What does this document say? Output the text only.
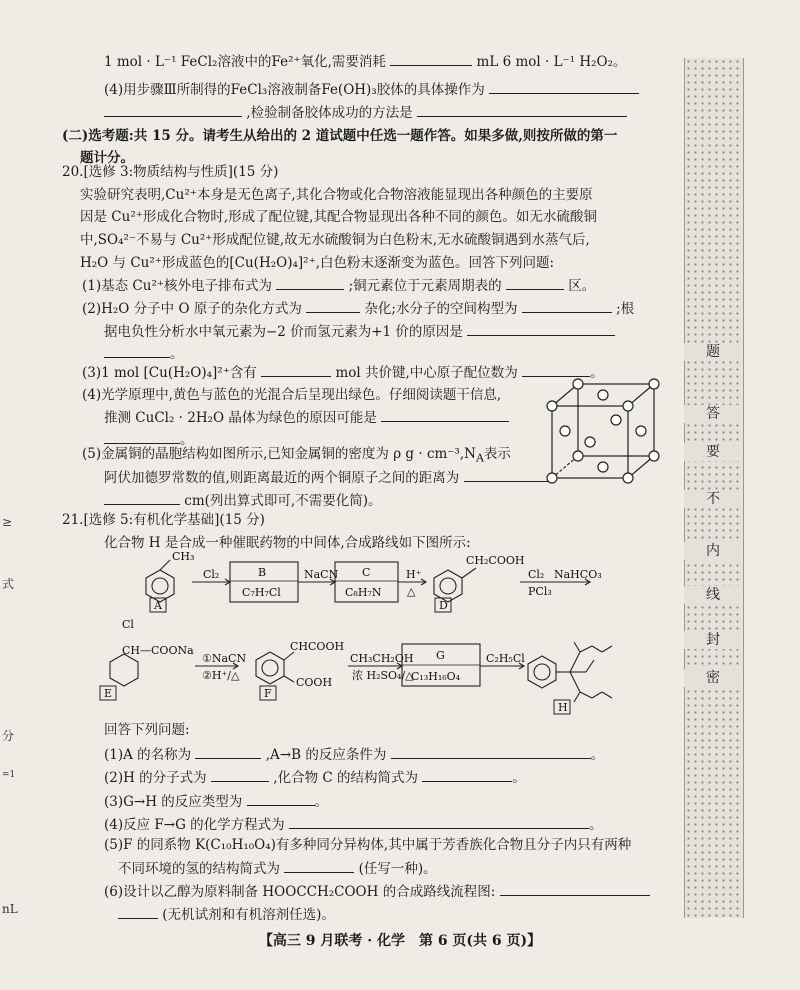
1 mol · L⁻¹ FeCl₂溶液中的Fe²⁺氧化,需要消耗	mL 6 mol · L⁻¹ H₂O₂。
(4)用步骤Ⅲ所制得的FeCl₃溶液制备Fe(OH)₃胶体的具体操作为
,检验制备胶体成功的方法是
(二)选考题:共 15 分。请考生从给出的 2 道试题中任选一题作答。如果多做,则按所做的第一
题计分。
20.[选修 3:物质结构与性质](15 分)
实验研究表明,Cu²⁺本身是无色离子,其化合物或化合物溶液能显现出各种颜色的主要原
因是 Cu²⁺形成化合物时,形成了配位键,其配合物显现出各种不同的颜色。如无水硫酸铜
中,SO₄²⁻不易与 Cu²⁺形成配位键,故无水硫酸铜为白色粉末,无水硫酸铜遇到水蒸气后,
H₂O 与 Cu²⁺形成蓝色的[Cu(H₂O)₄]²⁺,白色粉末逐渐变为蓝色。回答下列问题:
(1)基态 Cu²⁺核外电子排布式为	;铜元素位于元素周期表的	区。
(2)H₂O 分子中 O 原子的杂化方式为	杂化;水分子的空间构型为	;根
据电负性分析水中氧元素为−2 价而氢元素为+1 价的原因是
。
(3)1 mol [Cu(H₂O)₄]²⁺含有	mol 共价键,中心原子配位数为	。
(4)光学原理中,黄色与蓝色的光混合后呈现出绿色。仔细阅读题干信息,
推测 CuCl₂ · 2H₂O 晶体为绿色的原因可能是
。
(5)金属铜的晶胞结构如图所示,已知金属铜的密度为 ρ $g \cdot cm^{-3},N_A$表示
阿伏加德罗常数的值,则距离最近的两个铜原子之间的距离为
cm(列出算式即可,不需要化简)。
21.[选修 5:有机化学基础](15 分)
化合物 H 是合成一种催眠药物的中间体,合成路线如下图所示:
CH₃
A
Cl₂	B
C₇H₇Cl
NaCN C
C₈H₇N
H⁺
△
CH₂COOH
D
Cl₂
PCl₃
NaHCO₃
Cl
CH—COONa
E
①NaCN
②H⁺/△
CHCOOH
COOH
F
CH₃CH₂OH
浓 H₂SO₄/△
G
C₁₃H₁₆O₄
C₂H₅Cl
H
回答下列问题:
(1)A 的名称为	,A→B 的反应条件为	。
(2)H 的分子式为	,化合物 C 的结构简式为	。
(3)G→H 的反应类型为	。
(4)反应 F→G 的化学方程式为	。
(5)F 的同系物 K(C₁₀H₁₀O₄)有多种同分异构体,其中属于芳香族化合物且分子内只有两种
不同环境的氢的结构简式为	(任写一种)。
(6)设计以乙醇为原料制备 HOOCCH₂COOH 的合成路线流程图:
(无机试剂和有机溶剂任选)。
【高三 9 月联考 · 化学　第 6 页(共 6 页)】
题
答
要
不
内
线
封
密
≥
式
分
=1
nL
